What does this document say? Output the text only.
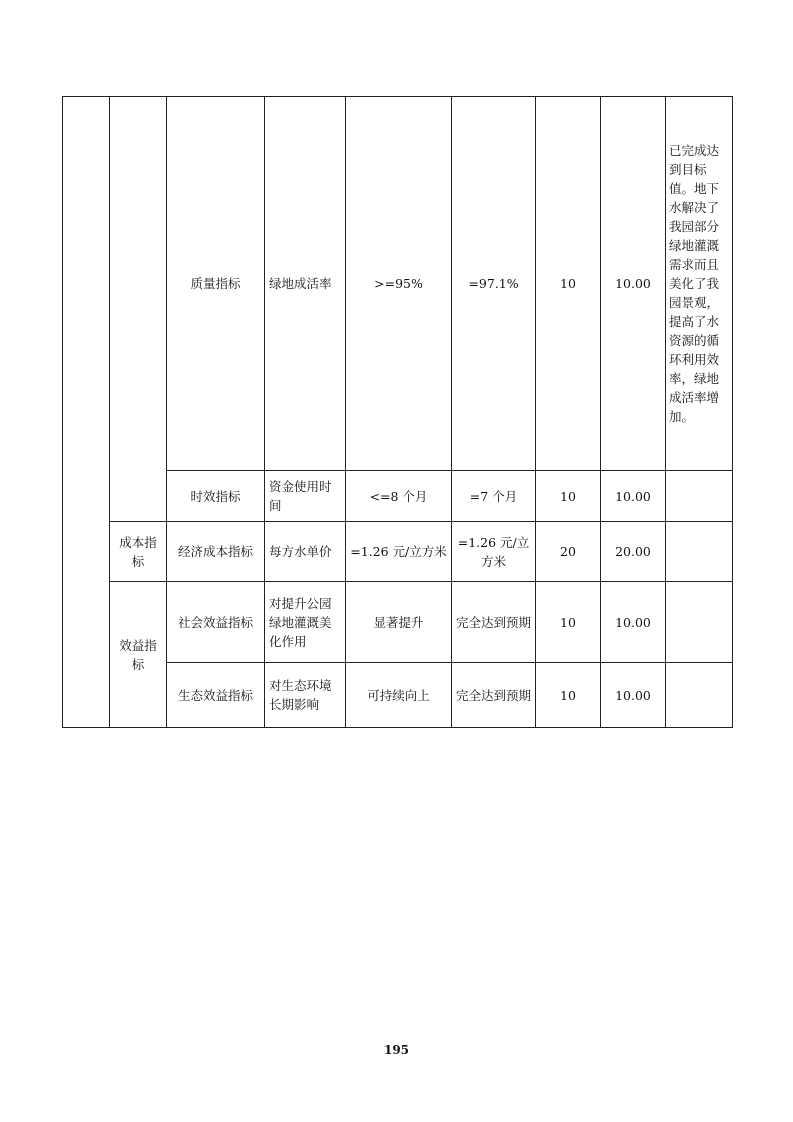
		质量指标	绿地成活率	>=95%	=97.1%	10	10.00	已完成达到目标值。地下水解决了我园部分绿地灌溉需求而且美化了我园景观，提高了水资源的循环利用效率，绿地成活率增加。
		时效指标	资金使用时间	<=8 个月	=7 个月	10	10.00	
	成本指标	经济成本指标	每方水单价	=1.26 元/立方米	=1.26 元/立方米	20	20.00	
	效益指标	社会效益指标	对提升公园绿地灌溉美化作用	显著提升	完全达到预期	10	10.00	
		生态效益指标	对生态环境长期影响	可持续向上	完全达到预期	10	10.00	
195
